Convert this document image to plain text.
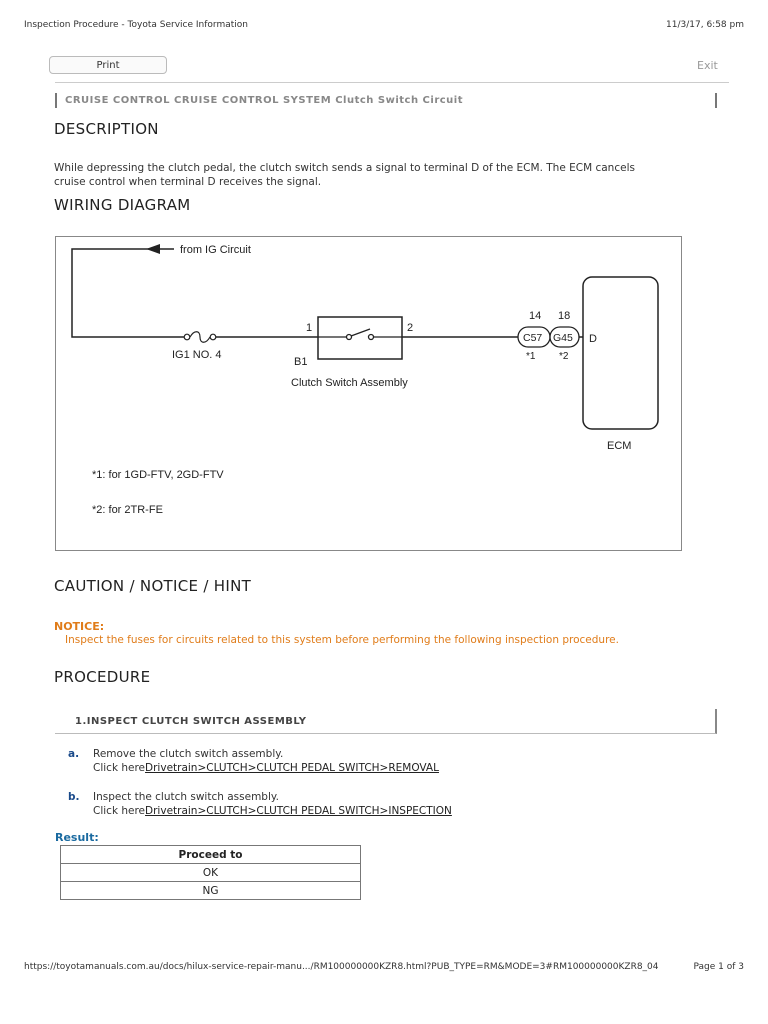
Inspection Procedure - Toyota Service Information	11/3/17, 6:58 pm
Print	Exit
CRUISE CONTROL CRUISE CONTROL SYSTEM Clutch Switch Circuit
DESCRIPTION
While depressing the clutch pedal, the clutch switch sends a signal to terminal D of the ECM. The ECM cancels
cruise control when terminal D receives the signal.
WIRING DIAGRAM
from IG Circuit
IG1 NO. 4
1	2
B1
Clutch Switch Assembly
C57 G45
14 18
*1 *2
D
ECM
*1: for 1GD-FTV, 2GD-FTV
*2: for 2TR-FE
CAUTION / NOTICE / HINT
NOTICE:
Inspect the fuses for circuits related to this system before performing the following inspection procedure.
PROCEDURE
1.INSPECT CLUTCH SWITCH ASSEMBLY
a. Remove the clutch switch assembly.
Click hereDrivetrain>CLUTCH>CLUTCH PEDAL SWITCH>REMOVAL
b. Inspect the clutch switch assembly.
Click hereDrivetrain>CLUTCH>CLUTCH PEDAL SWITCH>INSPECTION
Result:
Proceed to
OK
NG
https://toyotamanuals.com.au/docs/hilux-service-repair-manu.../RM100000000KZR8.html?PUB_TYPE=RM&MODE=3#RM100000000KZR8_04	Page 1 of 3
